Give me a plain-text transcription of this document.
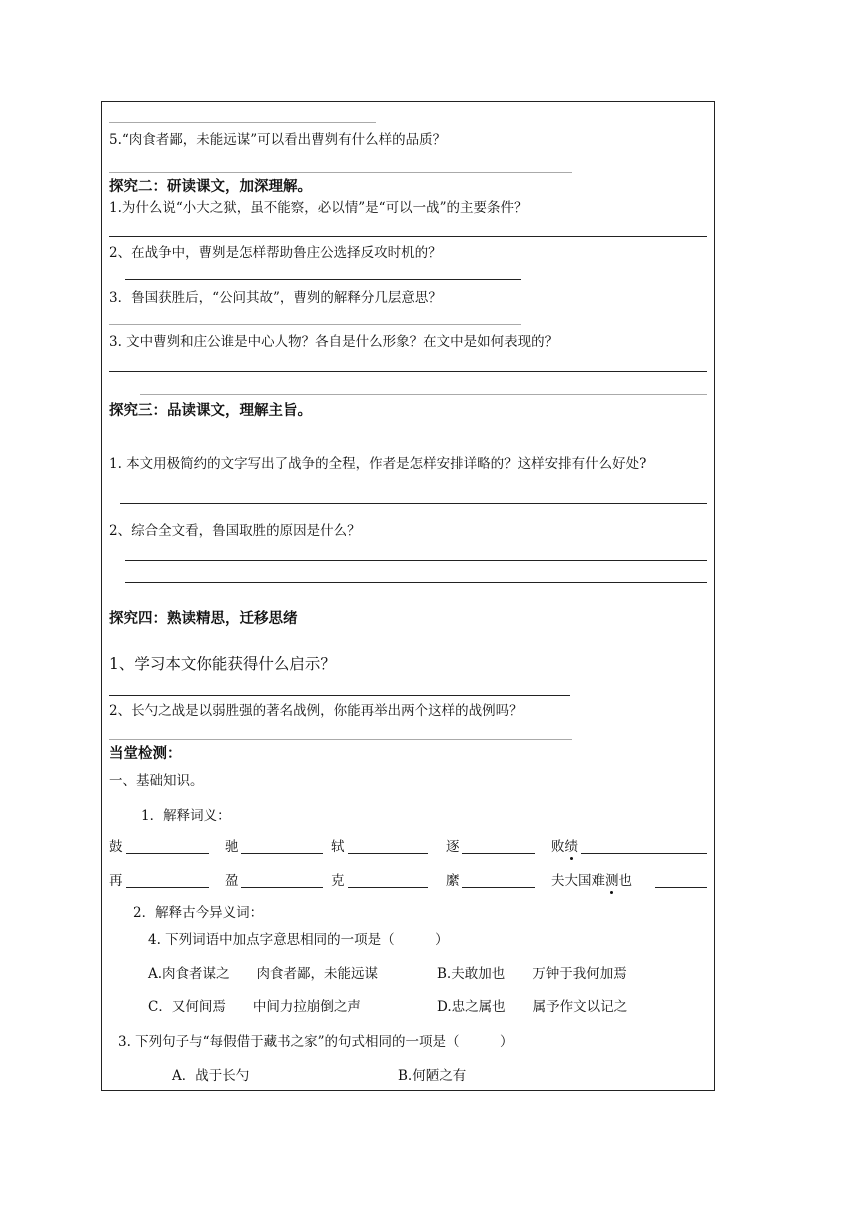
5.“肉食者鄙，未能远谋”可以看出曹刿有什么样的品质？
探究二：研读课文，加深理解。
1.为什么说“小大之狱，虽不能察，必以情”是“可以一战”的主要条件？
2、在战争中，曹刿是怎样帮助鲁庄公选择反攻时机的？
3．鲁国获胜后，“公问其故”，曹刿的解释分几层意思？
3. 文中曹刿和庄公谁是中心人物？各自是什么形象？在文中是如何表现的？
探究三：品读课文，理解主旨。
1. 本文用极简约的文字写出了战争的全程，作者是怎样安排详略的？这样安排有什么好处?
2、综合全文看，鲁国取胜的原因是什么？
探究四：熟读精思，迁移思绪
1、学习本文你能获得什么启示？
2、长勺之战是以弱胜强的著名战例，你能再举出两个这样的战例吗？
当堂检测：
一、基础知识。
1．解释词义：
鼓	驰	轼	逐	败绩
再	盈	克	縻	夫大国难测也
2．解释古今异义词：
4. 下列词语中加点字意思相同的一项是（　　　）
A.肉食者谋之　　肉食者鄙，未能远谋	B.夫敢加也　　万钟于我何加焉
C．又何间焉　　中间力拉崩倒之声	D.忠之属也　　属予作文以记之
3. 下列句子与“每假借于藏书之家”的句式相同的一项是（　　　）
A．战于长勺	B.何陋之有
